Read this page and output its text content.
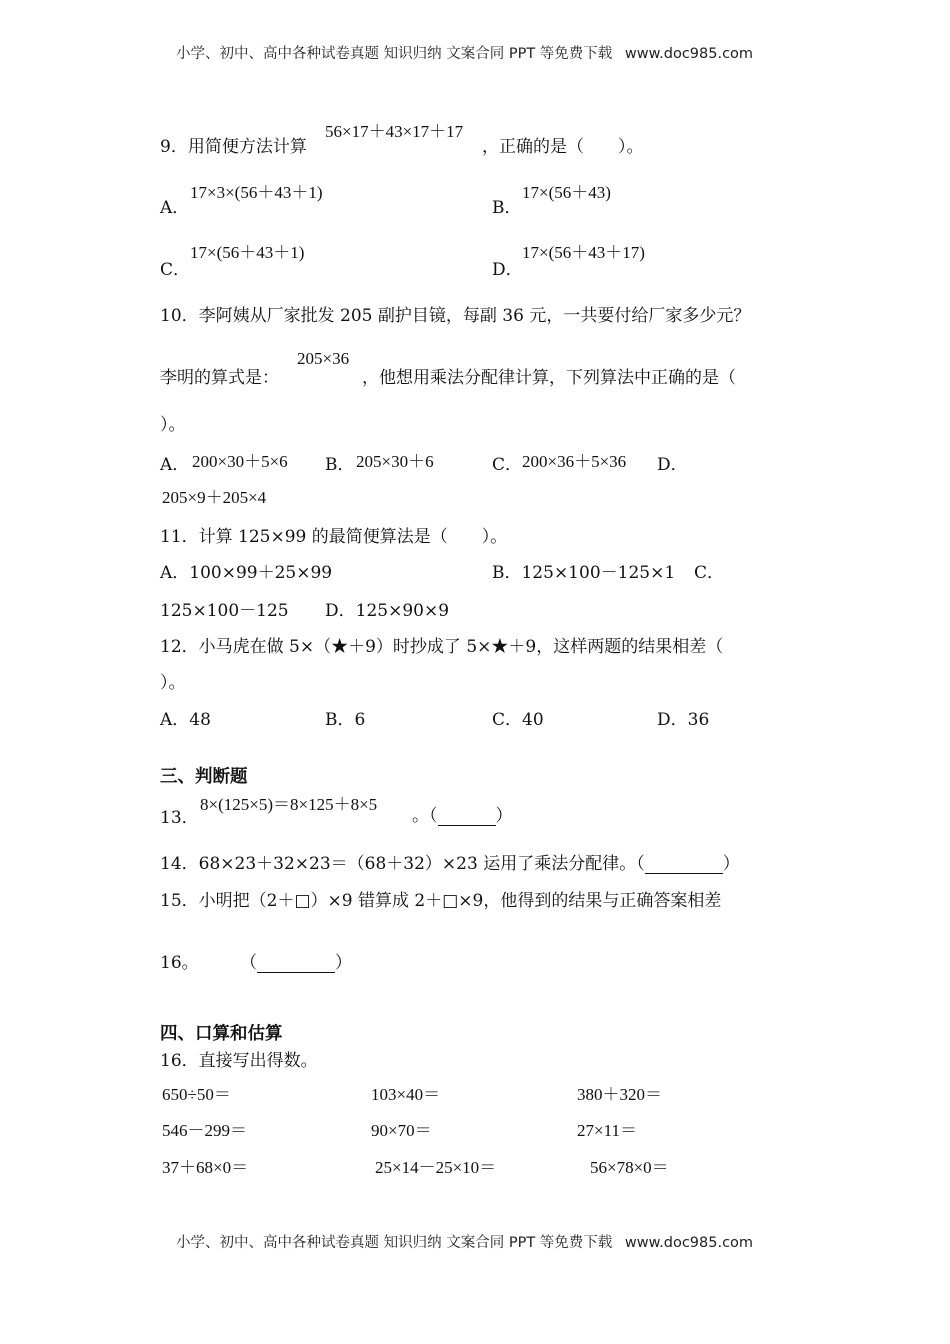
小学、初中、高中各种试卷真题 知识归纳 文案合同 PPT 等免费下载 www.doc985.com
56×17＋43×17＋17
9．用简便方法计算	，正确的是（　　）。
A．
17×3×(56＋43＋1)
B．
17×(56＋43)
C．
17×(56＋43＋1)
D．
17×(56＋43＋17)
10．李阿姨从厂家批发 205 副护目镜，每副 36 元，一共要付给厂家多少元？
205×36
李明的算式是：	，他想用乘法分配律计算，下列算法中正确的是（
）。
A． 200×30＋5×6 B． 205×30＋6	C． 200×36＋5×36 D．
205×9＋205×4
11．计算 125×99 的最简便算法是（　　）。
A．100×99＋25×99	B．125×100－125×1 C．
125×100－125 D．125×90×9
12．小马虎在做 5×（★＋9）时抄成了 5×★＋9，这样两题的结果相差（
）。
A．48	B．6	C．40	D．36
三、判断题
13．
8×(125×5)＝8×125＋8×5
。（	）
14．68×23＋32×23＝（68＋32）×23 运用了乘法分配律。（	）
15．小明把（2＋□）×9 错算成 2＋□×9，他得到的结果与正确答案相差
16。 （	）
四、口算和估算
16．直接写出得数。
650÷50＝	103×40＝	380＋320＝
546－299＝	90×70＝	27×11＝
37＋68×0＝	25×14－25×10＝	56×78×0＝
小学、初中、高中各种试卷真题 知识归纳 文案合同 PPT 等免费下载 www.doc985.com
